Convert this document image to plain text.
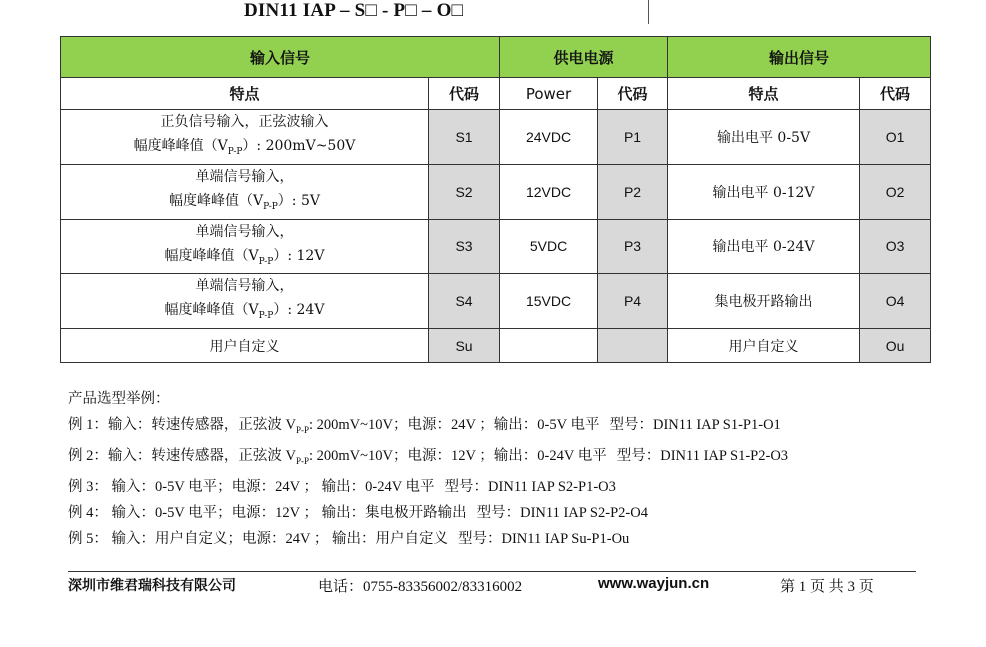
DIN11 IAP – S□ - P□ – O□
输入信号		供电电源		输出信号	
特点	代码	Power	代码	特点	代码

正负信号输入，正弦波输入
幅度峰峰值$(V_{P-P})$: 200mV~50V	S1	24VDC	P1	输出电平 0-5V	O1

单端信号输入，
幅度峰峰值$(V_{P-P})$: 5V	S2	12VDC	P2	输出电平 0-12V	O2

单端信号输入，
幅度峰峰值$(V_{P-P})$: 12V	S3	5VDC	P3	输出电平 0-24V	O3

单端信号输入，
幅度峰峰值$(V_{P-P})$: 24V	S4	15VDC	P4	集电极开路输出	O4
用户自定义	Su			用户自定义	Ou
产品选型举例：
例 1：输入：转速传感器，正弦波 $V_{P-P}$: 200mV~10V；电源：24V ；输出：0-5V 电平 型号：DIN11 IAP S1-P1-O1
例 2：输入：转速传感器，正弦波 $V_{P-P}$: 200mV~10V；电源：12V ；输出：0-24V 电平 型号：DIN11 IAP S1-P2-O3
例 3： 输入：0-5V 电平；电源：24V ； 输出：0-24V 电平 型号：DIN11 IAP S2-P1-O3
例 4： 输入：0-5V 电平；电源：12V ； 输出：集电极开路输出 型号：DIN11 IAP S2-P2-O4
例 5： 输入：用户自定义；电源：24V ； 输出：用户自定义 型号：DIN11 IAP Su-P1-Ou
深圳市维君瑞科技有限公司	电话：0755-83356002/83316002	www.wayjun.cn	第 1 页 共 3 页
